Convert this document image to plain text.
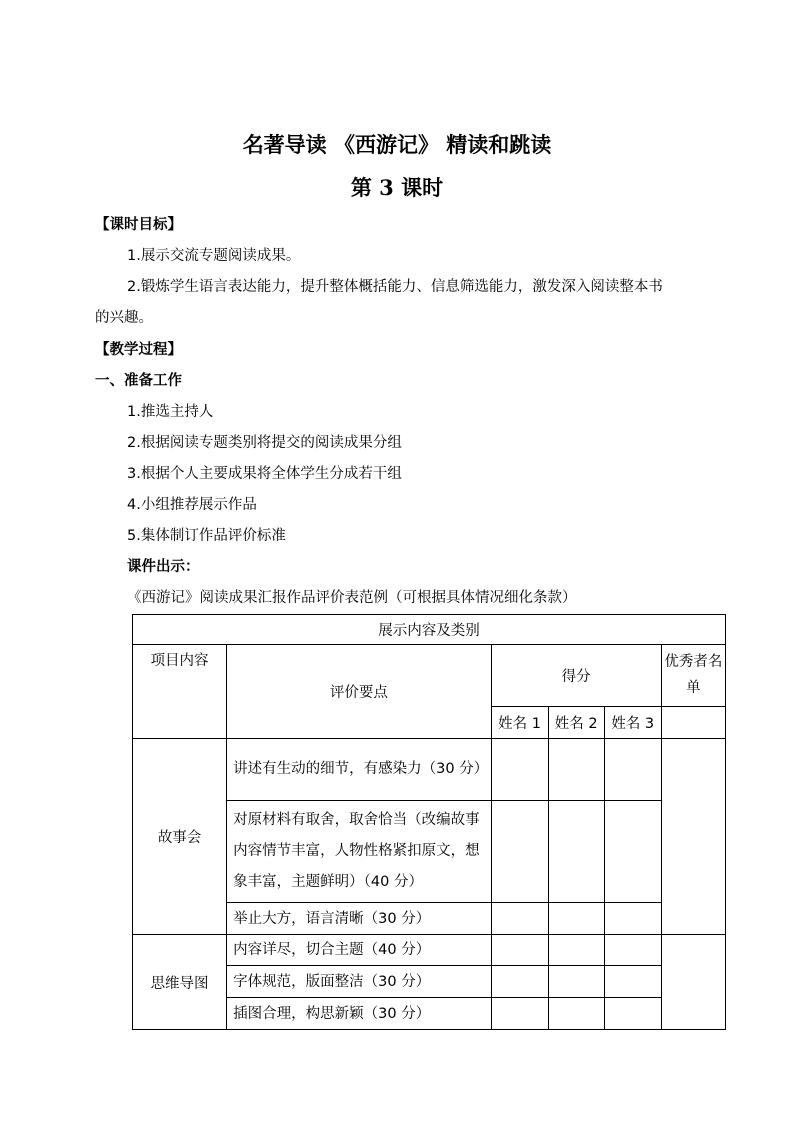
名著导读 《西游记》 精读和跳读
第 3 课时
【课时目标】
1.展示交流专题阅读成果。
2.锻炼学生语言表达能力，提升整体概括能力、信息筛选能力，激发深入阅读整本书
的兴趣。
【教学过程】
一、准备工作
1.推选主持人
2.根据阅读专题类别将提交的阅读成果分组
3.根据个人主要成果将全体学生分成若干组
4.小组推荐展示作品
5.集体制订作品评价标准
课件出示：
《西游记》阅读成果汇报作品评价表范例（可根据具体情况细化条款）
展示内容及类别					
项目内容	评价要点	得分			优秀者名单
		姓名 1	姓名 2	姓名 3	
故事会	讲述有生动的细节，有感染力（30 分）				
	对原材料有取舍，取舍恰当（改编故事内容情节丰富，人物性格紧扣原文，想象丰富，主题鲜明）（40 分）				
	举止大方，语言清晰（30 分）				
思维导图	内容详尽，切合主题（40 分）				
	字体规范，版面整洁（30 分）				
	插图合理，构思新颖（30 分）				
